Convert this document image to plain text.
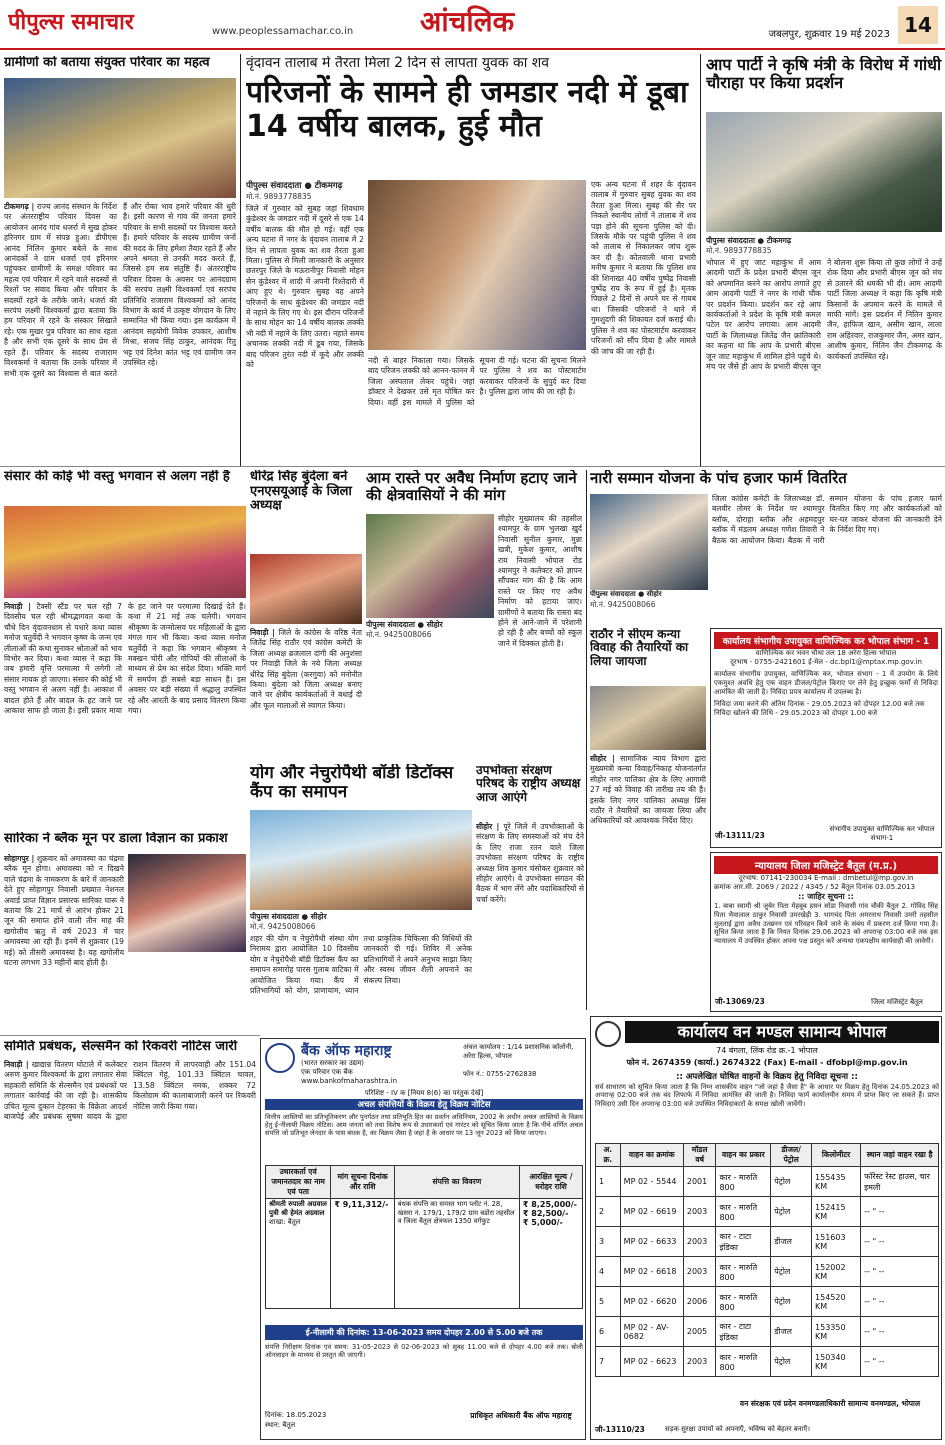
पीपुल्स समाचार	www.peoplessamachar.co.in	आंचलिक	जबलपुर, शुक्रवार 19 मई 2023 14
ग्रामीणों को बताया संयुक्त परिवार का महत्व
टीकमगढ़ | राज्य आनंद संस्थान के निर्देश पर अंतरराष्ट्रीय परिवार दिवस का आयोजन आनंद गांव धजर्रा में सुख होकर हरिनगर ग्राम में संपन्न हुआ। डीपीएस आनंद निलिन कुमार बबेले के साथ आनंदकों ने ग्राम धजर्रा एवं हरिनगर पहुंचकर ग्रामीणों के समक्ष परिवार का महत्व एवं परिवार में रहने वाले सदस्यों से रिश्तों पर संवाद किया और परिवार के सदस्यों रहने के तरीके जाने। धजर्रा की सरपंच लक्ष्मी विश्वकर्मा द्वारा बताया कि हम परिवार में रहने के संस्कार सिखाते रहे। एक मुखर पुत्र परिवार का साथ रहता है और सभी एक दूसरे के साथ प्रेम से रहते हैं। परिवार के सदस्य राजाराम विश्वकर्मा ने बताया कि उनके परिवार में सभी एक दूसरे का विश्वास से बात करते हैं और रोका भाव हमारे परिवार की धुरी है। इसी कारण से गांव की जनता हमारे परिवार के सभी सदस्यों पर विश्वास करते हैं। हमारे परिवार के सदस्य ग्रामीण जनों की मदद के लिए हमेशा तैयार रहते हैं और अपने श्रमता से उनकी मदद करते हैं, जिससे हम सब संतुष्टि हैं। अंतरराष्ट्रीय परिवार दिवस के अवसर पर आनंदग्राम की सरपंच लक्ष्मी विश्वकर्मा एवं सरपंच प्रतिनिधि राजाराम विश्वकर्मा को आनंद विभाग के कार्य में उत्कृष्ट योगदान के लिए सम्मानित भी किया गया। इस कार्यक्रम में आनंदम सहयोगी विवेक उपकार, आशीष मिश्रा, संजय सिंह ठाकुर, आनंदक रितु भट्ट एवं दिनेश कांत भट्ट एवं ग्रामीण जन उपस्थित रहे।
वृंदावन तालाब में तैरता मिला 2 दिन से लापता युवक का शव
परिजनों के सामने ही जमडार नदी में डूबा 14 वर्षीय बालक, हुई मौत
पीपुल्स संवाददाता ● टीकमगढ़
मो.नं. 9893778835
जिले में गुरुवार को सुबह जहां शिवधाम कुंडेश्वर के जमडार नदी में दूसरे से एक 14 वर्षीय बालक की मौत हो गई। वहीं एक अन्य घटना में नगर के वृंदावन तालाब में 2 दिन से लापता युवक का शव तैरता हुआ मिला। पुलिस से मिली जानकारी के अनुसार छतरपुर जिले के मऊरानीपुर निवासी मोहन सेन कुंडेश्वर में शादी में अपनी रिश्तेदारी में आए हुए थे। गुरुवार सुबह वह अपने परिजनों के साथ कुंडेश्वर की जमडार नदी में नहाने के लिए गए थे। इस दौरान परिजनों के साथ मोहन का 14 वर्षीय बालक लक्की भी नदी में नहाने के लिए उतरा। नहाते समय अचानक लक्की नदी में डूब गया, जिसके बाद परिजन तुरंत नदी में कूदे और लक्की को	नदी से बाहर निकाला गया। जिसके बाद परिजन लक्की को आनन-फानन में जिला अस्पताल लेकर पहुंचे। जहां डॉक्टर ने देखकर उसे मृत घोषित कर दिया। वहीं इस मामले में पुलिस को सूचना दी गई। घटना की सूचना मिलने पर पुलिस ने शव का पोस्टमार्टम करवाकर परिजनों के सुपुर्द कर दिया है। पुलिस द्वारा जांच की जा रही है।
एक अन्य घटना में शहर के वृंदावन तालाब में गुरुवार सुबह युवक का शव तैरता हुआ मिला। सुबह की सैर पर निकले स्थानीय लोगों ने तालाब में शव पड़ा होने की सूचना पुलिस को दी। जिसके मौके पर पहुंची पुलिस ने शव को तालाब से निकालकर जांच शुरू कर दी है। कोतवाली थाना प्रभारी मनीष कुमार ने बताया कि पुलिस शव की शिनाख्त 40 वर्षीय पुष्पेंद्र निवासी पुष्पेंद्र राय के रूप में हुई है। मृतक पिछले 2 दिनों से अपने घर से गायब था। जिसकी परिजनों ने थाने में गुमशुदगी की शिकायत दर्ज कराई थी। पुलिस ने शव का पोस्टमार्टम करवाकर परिजनों को सौंप दिया है और मामले की जांच की जा रही है।
आप पार्टी ने कृषि मंत्री के विरोध में गांधी चौराहा पर किया प्रदर्शन
पीपुल्स संवाददाता ● टीकमगढ़
मो.नं. 9893778835
भोपाल में हुए जाट महाकुंभ में आम आदमी पार्टी के प्रदेश प्रभारी बीएस जून को अपमानित करने का आरोप लगाते हुए आम आदमी पार्टी ने नगर के गांधी चौक पर प्रदर्शन किया। प्रदर्शन कर रहे आप कार्यकर्ताओं ने प्रदेश के कृषि मंत्री कमल पटेल पर आरोप लगाया। आम आदमी पार्टी के जिलाध्यक्ष जितेंद्र जैन क्रांतिकारी का कहना था कि आप के प्रभारी बीएस जून जाट महाकुंभ में शामिल होने पहुंचे थे। मंच पर जैसे ही आप के प्रभारी बीएस जून ने बोलना शुरू किया तो कुछ लोगों ने उन्हें रोक दिया और प्रभारी बीएस जून को मंच से उतारने की धमकी भी दी। आम आदमी पार्टी जिला अध्यक्ष ने कहा कि कृषि मंत्री किसानों के अपमान करने के मामले में माफी मांगें। इस प्रदर्शन में नितिन कुमार जैन, हाफिज खान, असीम खान, लाला राम अहिरवार, राजकुमार जैन, अमर खान, आशीष कुमार, नितिन जैन टीकमगढ़ के कार्यकर्ता उपस्थित रहे।
संसार की कोई भी वस्तु भगवान से अलग नहीं है
निवाड़ी | टैक्सी स्टैंड पर चल रही 7 दिवसीय चल रही श्रीमद्भागवत कथा के चौथे दिन वृंदावनधाम से पधारे कथा व्यास मनोज चतुर्वेदी ने भगवान कृष्ण के जन्म एवं लीलाओं की कथा सुनाकर श्रोताओं को भाव विभोर कर दिया। कथा व्यास ने कहा कि जब हमारी वृत्ति परमात्मा में लगेगी तो संसार मायक हो जाएगा। संसार की कोई भी वस्तु भगवान से अलग नहीं है। आकाश में बादल होते हैं और बादल के हट जाने पर आकाश साफ हो जाता है। इसी प्रकार माया के हट जाने पर परमात्मा दिखाई देते हैं। कथा में 21 मई तक चलेगी। भगवान श्रीकृष्ण के जन्मोत्सव पर महिलाओं के द्वारा मंगल गान भी किया। कथा व्यास मनोज चतुर्वेदी ने कहा कि भगवान श्रीकृष्ण ने मक्खन चोरी और गोपियों की लीलाओं के माध्यम से प्रेम का संदेश दिया। भक्ति मार्ग में समर्पण ही सबसे बड़ा साधन है। इस अवसर पर बड़ी संख्या में श्रद्धालु उपस्थित रहे और आरती के बाद प्रसाद वितरण किया गया।
धीरेंद्र सिंह बुंदेला बने एनएसयूआई के जिला अध्यक्ष
निवाड़ी | जिले के कांग्रेस के वरिष्ठ नेता जितेंद्र सिंह राठौर एवं कांग्रेस कमेटी के जिला अध्यक्ष ब्रजलाल दांगी की अनुशंसा पर निवाड़ी जिले के नये जिला अध्यक्ष धीरेंद्र सिंह बुंदेला (करगुवा) को मनोनीत किया। बुंदेला को जिला अध्यक्ष बनाए जाने पर क्षेत्रीय कार्यकर्ताओं ने बधाई दी और फूल मालाओं से स्वागत किया।
आम रास्ते पर अवैध निर्माण हटाए जाने की क्षेत्रवासियों ने की मांग
पीपुल्स संवाददाता ● सीहोर
मो.नं. 9425008066
सीहोर मुख्यालय की तहसील श्यामपुर के ग्राम भुलखा खुर्द निवासी सुनील कुमार, मुन्ना खत्री, मुकेश कुमार, आशीष राय निवासी भोपाल रोड श्यामपुर ने कलेक्टर को ज्ञापन सौंपकर मांग की है कि आम रास्ते पर किए गए अवैध निर्माण को हटाया जाए। ग्रामीणों ने बताया कि रास्ता बंद होने से आने-जाने में परेशानी हो रही है और बच्चों को स्कूल जाने में दिक्कत होती है।
योग और नेचुरोपैथी बॉडी डिटॉक्स कैंप का समापन
पीपुल्स संवाददाता ● सीहोर
मो.नं. 9425008066
शहर की योग व नेचुरोपैथी संस्था योग निरामय द्वारा आयोजित 10 दिवसीय योग व नेचुरोपैथी बॉडी डिटॉक्स कैंप का समापन समारोह पारस गुलाब वाटिका में आयोजित किया गया। कैंप में प्रतिभागियों को योग, प्राणायाम, ध्यान तथा प्राकृतिक चिकित्सा की विधियों की जानकारी दी गई। शिविर में अनेक प्रतिभागियों ने अपने अनुभव साझा किए और स्वस्थ जीवन शैली अपनाने का संकल्प लिया।
उपभोक्ता संरक्षण परिषद के राष्ट्रीय अध्यक्ष आज आएंगे
सीहोर | पूरे जिले में उपभोक्ताओं के संरक्षण के लिए समस्याओं को मंच देने के लिए राजा रतन वाले जिला उपभोक्ता संरक्षण परिषद के राष्ट्रीय अध्यक्ष शिव कुमार चंसोकर शुक्रवार को सीहोर आएंगे। वे उपभोक्ता संगठन की बैठक में भाग लेंगे और पदाधिकारियों से चर्चा करेंगे।
नारी सम्मान योजना के पांच हजार फार्म वितरित
पीपुल्स संवाददाता ● सीहोर
मो.नं. 9425008066
जिला कांग्रेस कमेटी के जिलाध्यक्ष डॉ. बलवीर तोमर के निर्देश पर श्यामपुर ब्लॉक, दोराहा ब्लॉक और अहमदपुर ब्लॉक में मंडलम अध्यक्ष गणेश तिवारी ने बैठक का आयोजन किया। बैठक में नारी सम्मान योजना के पांच हजार फार्म वितरित किए गए और कार्यकर्ताओं को घर-घर जाकर योजना की जानकारी देने के निर्देश दिए गए।
राठौर ने सीएम कन्या विवाह की तैयारियों का लिया जायजा
सीहोर | सामाजिक न्याय विभाग द्वारा मुख्यमंत्री कन्या विवाह/निकाह योजनांतर्गत सीहोर नगर पालिका क्षेत्र के लिए आगामी 27 मई को विवाह की तारीख तय की है। इसके लिए नगर पालिका अध्यक्ष प्रिंस राठौर ने तैयारियों का जायजा लिया और अधिकारियों को आवश्यक निर्देश दिए।
कार्यालय संभागीय उपायुक्त वाणिज्यिक कर भोपाल संभाग - 1
वाणिज्यिक कर भवन चौथा तल 18 अरेरा हिल्स भोपाल
दूरभाष - 0755-2421601 ई-मेल - dc.bpl1@mptax.mp.gov.in
कार्यालय संभागीय उपायुक्त, वाणिज्यिक कर, भोपाल संभाग - 1 में उपयोग के लिये एकमुश्त अवधि हेतु एक वाहन डीजल/पेट्रोल किराए पर लेने हेतु इच्छुक फर्मों से निविदा आमंत्रित की जाती है। निविदा प्रपत्र कार्यालय में उपलब्ध है।
निविदा जमा करने की अंतिम दिनांक - 29.05.2023 को दोपहर 12.00 बजे तक
निविदा खोलने की तिथि - 29.05.2023 को दोपहर 1.00 बजे
जी-13111/23
संभागीय उपायुक्त वाणिज्यिक कर भोपाल संभाग-1
न्यायालय जिला मजिस्ट्रेट बैतूल (म.प्र.)
दूरभाष: 07141-230034 E-mail : dmbetul@mp.gov.in
क्रमांक आर.सी. 2069 / 2022 / 4345 / 52 बैतूल दिनांक 03.05.2013
:: जाहिर सूचना ::
1. बाबा स्वामी श्री जुबेर पिता मेहबूब हसन सोडा निवासी गांव चौकी बैतूल 2. गोविंद सिंह पिता भैयालाल ठाकुर निवासी उमरखेड़ी 3. भागचंद पिता अमरनाथ निवासी उमरी तहसील मुलताई द्वारा अवैध उत्खनन एवं परिवहन किये जाने के संबंध में प्रकरण दर्ज किया गया है। सूचित किया जाता है कि नियत दिनांक 29.06.2023 को अपरान्ह 03:00 बजे तक इस न्यायालय में उपस्थित होकर अपना पक्ष प्रस्तुत करें अन्यथा एकपक्षीय कार्यवाही की जावेगी।
जी-13069/23	जिला मजिस्ट्रेट बैतूल
सारिका ने ब्लैक मून पर डाला विज्ञान का प्रकाश
सोहागपुर | शुक्रवार को अमावस्या का चंद्रमा ब्लैक मून होगा। अमावस्या को न दिखने वाले चंद्रमा के नामकरण के बारे में जानकारी देते हुए सोहागपुर निवासी प्रख्यात नेशनल अवार्ड प्राप्त विज्ञान प्रसारक सारिका घारू ने बताया कि 21 मार्च से आरंभ होकर 21 जून की समाप्त होने वाली तीन माह की खगोलीय ऋतु में वर्ष 2023 में चार अमावस्या आ रही हैं। इनमें से शुक्रवार (19 मई) को तीसरी अमावस्या है। यह खगोलीय घटना लगभग 33 महीनों बाद होती है।
समिति प्रबंधक, सेल्समैन को रिकवरी नोटिस जारी
निवाड़ी | खाद्यान्न वितरण घोटाले में कलेक्टर अरुण कुमार विश्वकर्मा के द्वारा लगातार सेवा सहकारी समिति के सेल्समैन एवं प्रबंधकों पर लगातार कार्रवाई की जा रही है। शासकीय उचित मूल्य दुकान टेहरका के विक्रेता आदर्श बाजपेई और प्रबंधक सुषमा यादव के द्वारा राशन वितरण में लापरवाही और 151.04 क्विंटल गेहूं, 101.33 क्विंटल चावल, 13.58 क्विंटल नमक, शक्कर 72 किलोग्राम की कालाबाजारी करने पर रिकवरी नोटिस जारी किया गया।
बैंक ऑफ महाराष्ट्र
(भारत सरकार का उद्यम)
एक परिवार एक बैंक
www.bankofmaharashtra.in
अंचल कार्यालय : 1/14 प्रशासनिक कॉलोनी, अरेरा हिल्स, भोपाल
फोन नं.: 0755-2762838
परिशिष्ट - IV क [नियम 8(6) का परंतुक देखें]
अचल संपत्तियों के विक्रय हेतु विक्रय नोटिस
वित्तीय आस्तियों का प्रतिभूतिकरण और पुनर्गठन तथा प्रतिभूति हित का प्रवर्तन अधिनियम, 2002 के अधीन अचल आस्तियों के विक्रय हेतु ई-नीलामी विक्रय नोटिस। आम जनता को तथा विशेष रूप से उधारकर्ता एवं गारंटर को सूचित किया जाता है कि नीचे वर्णित अचल संपत्ति जो प्रतिभूत लेनदार के पास बंधक है, का विक्रय जैसा है जहां है के आधार पर 13 जून 2023 को किया जाएगा।
उधारकर्ता एवं जमानतदार का नाम एवं पता	मांग सूचना दिनांक और राशि	संपत्ति का विवरण	आरक्षित मूल्य / धरोहर राशि
श्रीमती रुपाली अग्रवाल पुत्री श्री हेमंत अग्रवाल
शाखा: बैतूल	₹ 9,11,312/-	बंधक संपत्ति का समस्त भाग प्लॉट नं. 28, खसरा नं. 179/1, 179/2 ग्राम बडोरा तहसील व जिला बैतूल क्षेत्रफल 1350 वर्गफुट	₹ 8,25,000/-
₹ 82,500/-
₹ 5,000/-
ई-नीलामी की दिनांक: 13-06-2023 समय दोपहर 2.00 से 5.00 बजे तक
संपत्ति निरीक्षण दिनांक एवं समय: 31-05-2023 से 02-06-2023 को सुबह 11.00 बजे से दोपहर 4.00 बजे तक। बोली ऑनलाइन के माध्यम से प्रस्तुत की जाएगी।
दिनांक: 18.05.2023
स्थान: बैतूल
प्राधिकृत अधिकारी बैंक ऑफ महाराष्ट्र
कार्यालय वन मण्डल सामान्य भोपाल
74 बंगला, लिंक रोड क्र.-1 भोपाल
फोन नं. 2674359 (कार्या.) 2674322 (Fax) E-mail - dfobpl@mp.gov.in
:: अपलेखित घोषित वाहनों के विक्रय हेतु निविदा सूचना ::
सर्व साधारण को सूचित किया जाता है कि निम्न शासकीय वाहन "जो जहां है जैसा है" के आधार पर विक्रय हेतु दिनांक 24.05.2023 को अपरान्ह 02:00 बजे तक बंद लिफाफे में निविदा आमंत्रित की जाती है। निविदा फार्म कार्यालयीन समय में प्राप्त किए जा सकते हैं। प्राप्त निविदाएं उसी दिन अपरान्ह 03:00 बजे उपस्थित निविदाकारों के समक्ष खोली जावेंगी।
अ. क्र.	वाहन का क्रमांक	मॉडल वर्ष	वाहन का प्रकार	डीजल/ पेट्रोल	किलोमीटर	स्थान जहां वाहन रखा है
1	MP 02 - 5544	2001	कार - मारुति 800	पेट्रोल	155435 KM	फॉरेस्ट रेस्ट हाउस, चार इमली
2	MP 02 - 6619	2003	कार - मारुति 800	पेट्रोल	152415 KM	-- " --
3	MP 02 - 6633	2003	कार - टाटा इंडिका	डीजल	151603 KM	-- " --
4	MP 02 - 6618	2003	कार - मारुति 800	पेट्रोल	152002 KM	-- " --
5	MP 02 - 6620	2006	कार - मारुति 800	पेट्रोल	154520 KM	-- " --
6	MP 02 - AV-0682	2005	कार - टाटा इंडिका	डीजल	153350 KM	-- " --
7	MP 02 - 6623	2003	कार - मारुति 800	पेट्रोल	150340 KM	-- " --
वन संरक्षक एवं प्रदेन वनमण्डलाधिकारी सामान्य वनमण्डल, भोपाल
जी-13110/23	सड़क सुरक्षा उपायों को अपनाएँ, भविष्य को बेहतर बनाएँ।
